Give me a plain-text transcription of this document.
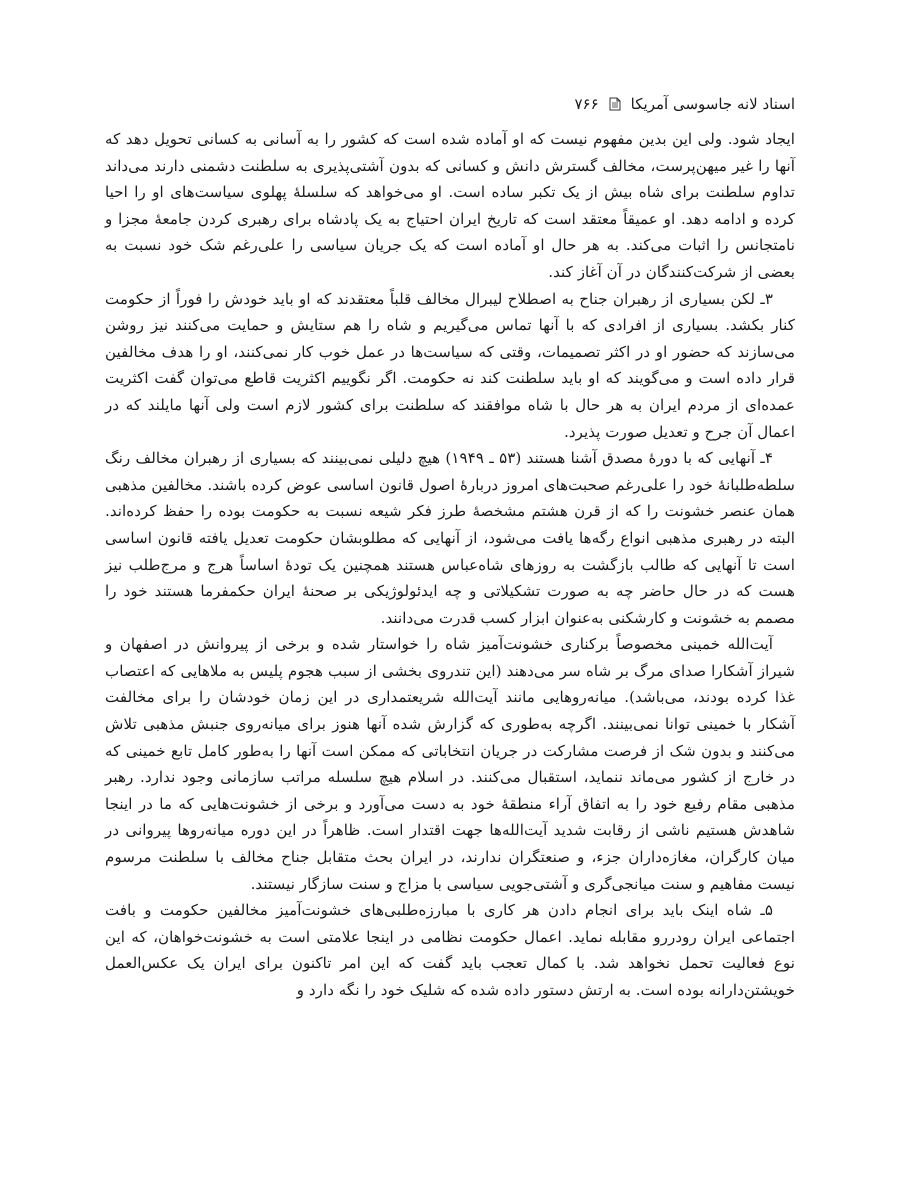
اسناد لانه جاسوسی آمریکا
۷۶۶

ایجاد شود. ولی این بدین مفهوم نیست که او آماده شده است که کشور را به آسانی به کسانی تحویل دهد که آنها را غیر میهن‌پرست، مخالف گسترش دانش و کسانی که بدون آشتی‌پذیری به سلطنت دشمنی دارند می‌داند تداوم سلطنت برای شاه بیش از یک تکبر ساده است. او می‌خواهد که سلسلهٔ پهلوی سیاست‌های او را احیا کرده و ادامه دهد. او عمیقاً معتقد است که تاریخ ایران احتیاج به یک پادشاه برای رهبری کردن جامعهٔ مجزا و نامتجانس را اثبات می‌کند. به هر حال او آماده است که یک جریان سیاسی را علی‌رغم شک خود نسبت به بعضی از شرکت‌کنندگان در آن آغاز کند.

۳ـ لکن بسیاری از رهبران جناح به اصطلاح لیبرال مخالف قلباً معتقدند که او باید خودش را فوراً از حکومت کنار بکشد. بسیاری از افرادی که با آنها تماس می‌گیریم و شاه را هم ستایش و حمایت می‌کنند نیز روشن می‌سازند که حضور او در اکثر تصمیمات، وقتی که سیاست‌ها در عمل خوب کار نمی‌کنند، او را هدف مخالفین قرار داده است و می‌گویند که او باید سلطنت کند نه حکومت. اگر نگوییم اکثریت قاطع می‌توان گفت اکثریت عمده‌ای از مردم ایران به هر حال با شاه موافقند که سلطنت برای کشور لازم است ولی آنها مایلند که در اعمال آن جرح و تعدیل صورت پذیرد.

۴ـ آنهایی که با دورهٔ مصدق آشنا هستند (۵۳ ـ ۱۹۴۹) هیچ دلیلی نمی‌بینند که بسیاری از رهبران مخالف رنگ سلطه‌طلبانهٔ خود را علی‌رغم صحبت‌های امروز دربارهٔ اصول قانون اساسی عوض کرده باشند. مخالفین مذهبی همان عنصر خشونت را که از قرن هشتم مشخصهٔ طرز فکر شیعه نسبت به حکومت بوده را حفظ کرده‌اند. البته در رهبری مذهبی انواع رگه‌ها یافت می‌شود، از آنهایی که مطلوبشان حکومت تعدیل یافته قانون اساسی است تا آنهایی که طالب بازگشت به روزهای شاه‌عباس هستند همچنین یک تودهٔ اساساً هرج و مرج‌طلب نیز هست که در حال حاضر چه به صورت تشکیلاتی و چه ایدئولوژیکی بر صحنهٔ ایران حکمفرما هستند خود را مصمم به خشونت و کارشکنی به‌عنوان ابزار کسب قدرت می‌دانند.

آیت‌الله خمینی مخصوصاً برکناری خشونت‌آمیز شاه را خواستار شده و برخی از پیروانش در اصفهان و شیراز آشکارا صدای مرگ بر شاه سر می‌دهند (این تندروی بخشی از سبب هجوم پلیس به ملاهایی که اعتصاب غذا کرده بودند، می‌باشد). میانه‌روهایی مانند آیت‌الله شریعتمداری در این زمان خودشان را برای مخالفت آشکار با خمینی توانا نمی‌بینند. اگرچه به‌طوری که گزارش شده آنها هنوز برای میانه‌روی جنبش مذهبی تلاش می‌کنند و بدون شک از فرصت مشارکت در جریان انتخاباتی که ممکن است آنها را به‌طور کامل تابع خمینی که در خارج از کشور می‌ماند ننماید، استقبال می‌کنند. در اسلام هیچ سلسله مراتب سازمانی وجود ندارد. رهبر مذهبی مقام رفیع خود را به اتفاق آراء منطقهٔ خود به دست می‌آورد و برخی از خشونت‌هایی که ما در اینجا شاهدش هستیم ناشی از رقابت شدید آیت‌الله‌ها جهت اقتدار است. ظاهراً در این دوره میانه‌روها پیروانی در میان کارگران، مغازه‌داران جزء، و صنعتگران ندارند، در ایران بحث متقابل جناح مخالف با سلطنت مرسوم نیست مفاهیم و سنت میانجی‌گری و آشتی‌جویی سیاسی با مزاج و سنت سازگار نیستند.

۵ـ شاه اینک باید برای انجام دادن هر کاری با مبارزه‌طلبی‌های خشونت‌آمیز مخالفین حکومت و بافت اجتماعی ایران رودررو مقابله نماید. اعمال حکومت نظامی در اینجا علامتی است به خشونت‌خواهان، که این نوع فعالیت تحمل نخواهد شد. با کمال تعجب باید گفت که این امر تاکنون برای ایران یک عکس‌العمل خویشتن‌دارانه بوده است. به ارتش دستور داده شده که شلیک خود را نگه دارد و
